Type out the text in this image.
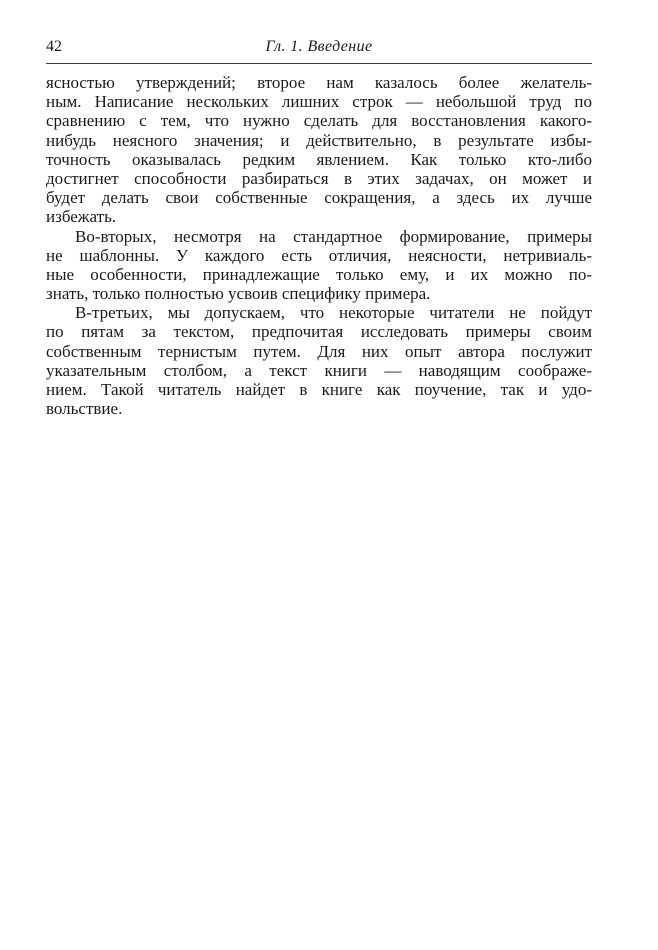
42	Гл. 1. Введение
ясностью утверждений; второе нам казалось более желатель-
ным. Написание нескольких лишних строк — небольшой труд по
сравнению с тем, что нужно сделать для восстановления какого-
нибудь неясного значения; и действительно, в результате избы-
точность оказывалась редким явлением. Как только кто-либо
достигнет способности разбираться в этих задачах, он может и
будет делать свои собственные сокращения, а здесь их лучше
избежать.
Во-вторых, несмотря на стандартное формирование, примеры
не шаблонны. У каждого есть отличия, неясности, нетривиаль-
ные особенности, принадлежащие только ему, и их можно по-
знать, только полностью усвоив специфику примера.
В-третьих, мы допускаем, что некоторые читатели не пойдут
по пятам за текстом, предпочитая исследовать примеры своим
собственным тернистым путем. Для них опыт автора послужит
указательным столбом, а текст книги — наводящим соображе-
нием. Такой читатель найдет в книге как поучение, так и удо-
вольствие.
